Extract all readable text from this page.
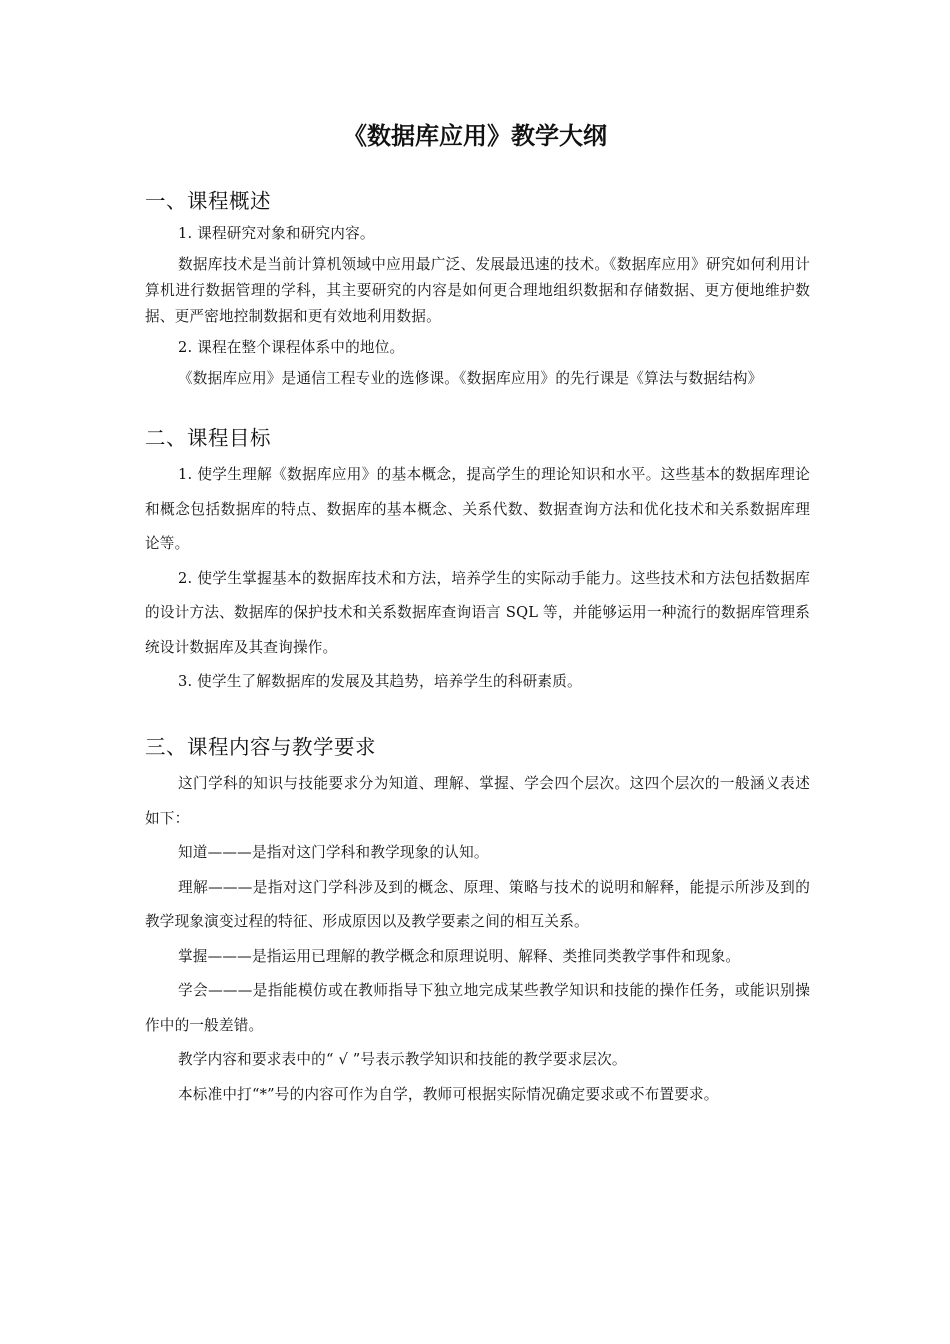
《数据库应用》教学大纲
一、课程概述

1. 课程研究对象和研究内容。

数据库技术是当前计算机领域中应用最广泛、发展最迅速的技术。《数据库应用》研究如何利用计算机进行数据管理的学科，其主要研究的内容是如何更合理地组织数据和存储数据、更方便地维护数据、更严密地控制数据和更有效地利用数据。

2. 课程在整个课程体系中的地位。

《数据库应用》是通信工程专业的选修课。《数据库应用》的先行课是《算法与数据结构》

二、课程目标

1. 使学生理解《数据库应用》的基本概念，提高学生的理论知识和水平。这些基本的数据库理论和概念包括数据库的特点、数据库的基本概念、关系代数、数据查询方法和优化技术和关系数据库理论等。

2. 使学生掌握基本的数据库技术和方法，培养学生的实际动手能力。这些技术和方法包括数据库的设计方法、数据库的保护技术和关系数据库查询语言 SQL 等，并能够运用一种流行的数据库管理系统设计数据库及其查询操作。

3. 使学生了解数据库的发展及其趋势，培养学生的科研素质。

三、课程内容与教学要求

这门学科的知识与技能要求分为知道、理解、掌握、学会四个层次。这四个层次的一般涵义表述如下：

知道———是指对这门学科和教学现象的认知。

理解———是指对这门学科涉及到的概念、原理、策略与技术的说明和解释，能提示所涉及到的教学现象演变过程的特征、形成原因以及教学要素之间的相互关系。

掌握———是指运用已理解的教学概念和原理说明、解释、类推同类教学事件和现象。

学会———是指能模仿或在教师指导下独立地完成某些教学知识和技能的操作任务，或能识别操作中的一般差错。

教学内容和要求表中的“ √ ”号表示教学知识和技能的教学要求层次。

本标准中打“*”号的内容可作为自学，教师可根据实际情况确定要求或不布置要求。
